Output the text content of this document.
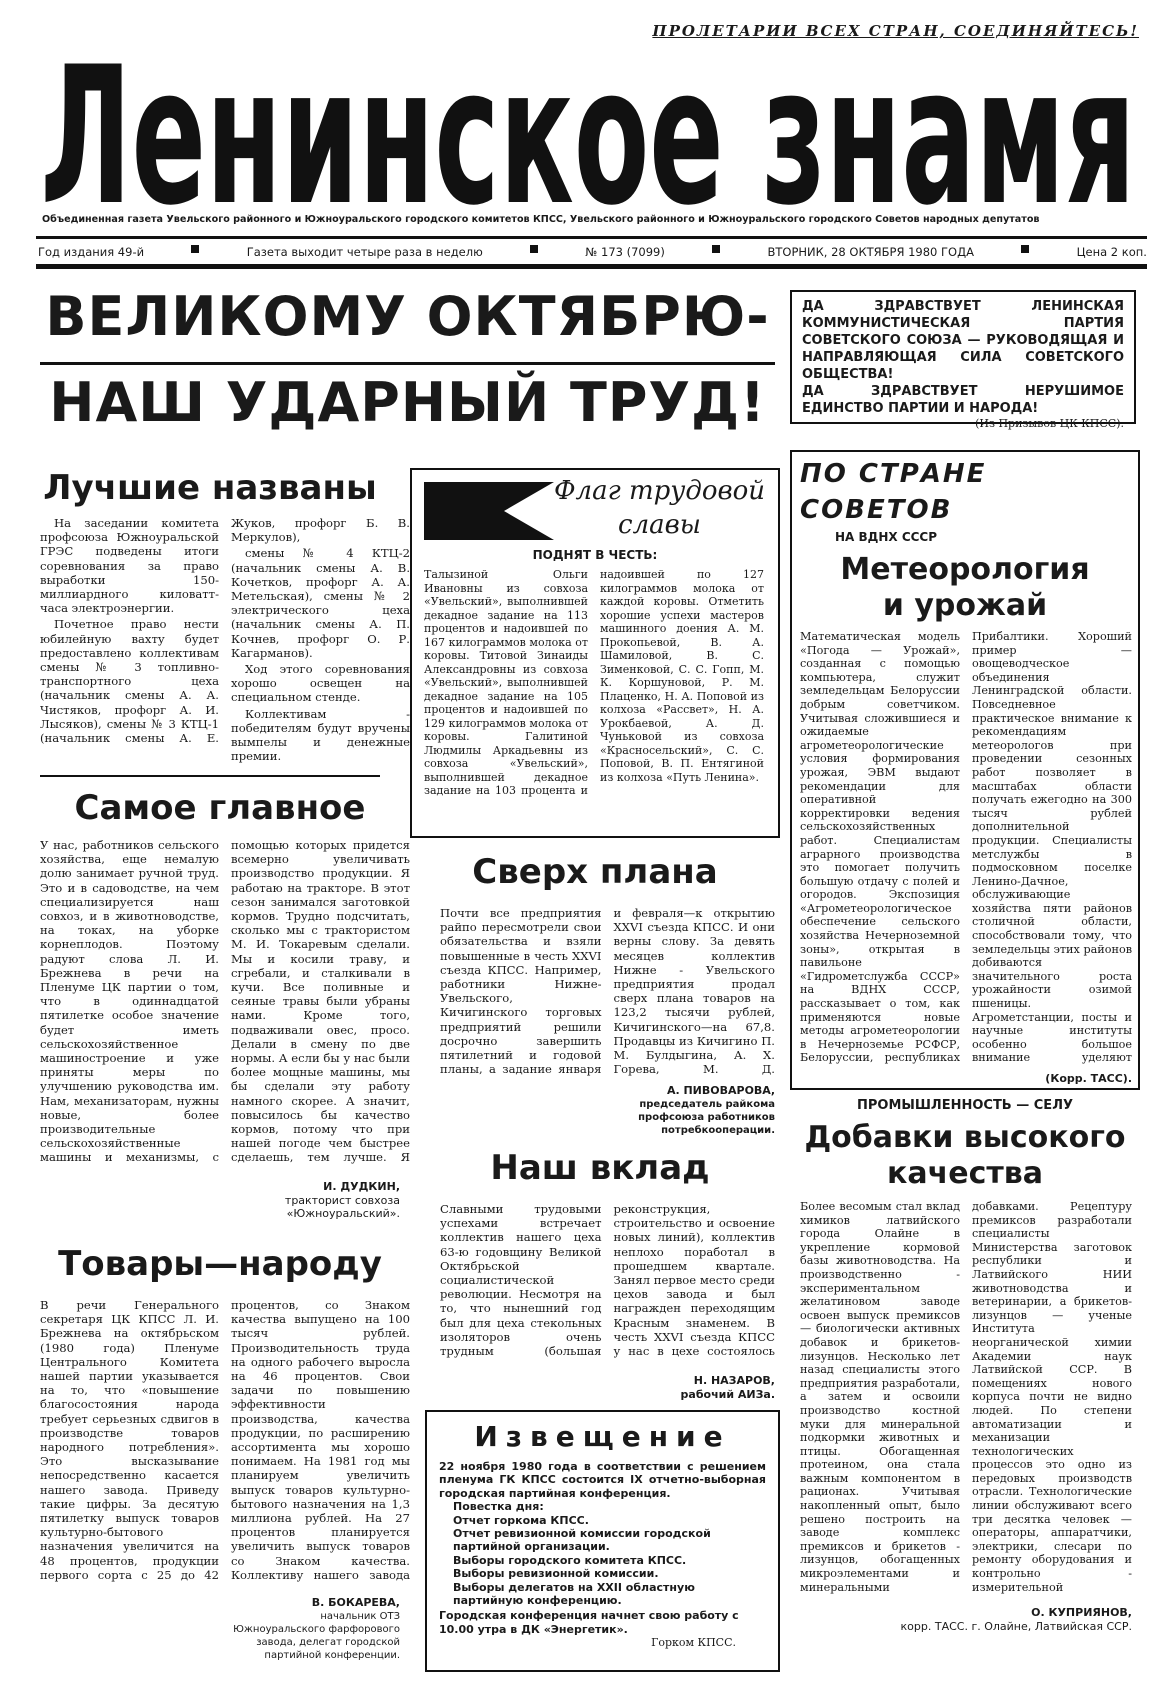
ПРОЛЕТАРИИ ВСЕХ СТРАН, СОЕДИНЯЙТЕСЬ!
Ленинское знамя
Объединенная газета Увельского районного и Южноуральского городского комитетов КПСС, Увельского районного и Южноуральского городского Советов народных депутатов
Год издания 49-й	Газета выходит четыре раза в неделю	№ 173 (7099)	ВТОРНИК, 28 ОКТЯБРЯ 1980 ГОДА	Цена 2 коп.
ВЕЛИКОМУ ОКТЯБРЮ-
НАШ УДАРНЫЙ ТРУД!
ДА ЗДРАВСТВУЕТ ЛЕНИНСКАЯ КОММУНИСТИЧЕСКАЯ ПАРТИЯ СОВЕТСКОГО СОЮЗА — РУКОВОДЯЩАЯ И НАПРАВЛЯЮЩАЯ СИЛА СОВЕТСКОГО ОБЩЕСТВА!
ДА ЗДРАВСТВУЕТ НЕРУШИМОЕ ЕДИНСТВО ПАРТИИ И НАРОДА!
(Из Призывов ЦК КПСС).
Лучшие названы

На заседании комитета профсоюза Южноуральской ГРЭС подведены итоги соревнования за право выработки 150-миллиардного киловатт-часа электроэнергии.

Почетное право нести юбилейную вахту будет предоставлено коллективам смены № 3 топливно-транспортного цеха (начальник смены А. А. Чистяков, профорг А. И. Лысяков), смены № 3 КТЦ-1 (начальник смены А. Е. Жуков, профорг Б. В. Меркулов),

смены № 4 КТЦ-2 (начальник смены А. В. Кочетков, профорг А. А. Метельская), смены № 2 электрического цеха (начальник смены А. П. Кочнев, профорг О. Р. Кагарманов).

Ход этого соревнования хорошо освещен на специальном стенде.

Коллективам - победителям будут вручены вымпелы и денежные премии.

Флаг трудовой славы
ПОДНЯТ В ЧЕСТЬ:
Талызиной Ольги Ивановны из совхоза «Увельский», выполнившей декадное задание на 113 процентов и надоившей по 167 килограммов молока от коровы. Титовой Зинаиды Александровны из совхоза «Увельский», выполнившей декадное задание на 105 процентов и надоившей по 129 килограммов молока от коровы. Галитиной Людмилы Аркадьевны из совхоза «Увельский», выполнившей декадное задание на 103 процента и надоившей по 127 килограммов молока от каждой коровы. Отметить хорошие успехи мастеров машинного доения А. М. Прокопьевой, В. А. Шамиловой, В. С. Зименковой, С. С. Гопп, М. К. Коршуновой, Р. М. Плаценко, Н. А. Поповой из колхоза «Рассвет», Н. А. Урокбаевой, А. Д. Чуньковой из совхоза «Красносельский», С. С. Поповой, В. П. Ентягиной из колхоза «Путь Ленина».
ПО СТРАНЕ СОВЕТОВ
НА ВДНХ СССР
Метеорология и урожай
Математическая модель «Погода — Урожай», созданная с помощью компьютера, служит земледельцам Белоруссии добрым советчиком. Учитывая сложившиеся и ожидаемые агрометеорологические условия формирования урожая, ЭВМ выдают рекомендации для оперативной корректировки ведения сельскохозяйственных работ. Специалистам аграрного производства это помогает получить большую отдачу с полей и огородов. Экспозиция «Агрометеорологическое обеспечение сельского хозяйства Нечерноземной зоны», открытая в павильоне «Гидрометслужба СССР» на ВДНХ СССР, рассказывает о том, как применяются новые методы агрометеорологии в Нечерноземье РСФСР, Белоруссии, республиках Прибалтики. Хороший пример — овощеводческое объединения Ленинградской области. Повседневное практическое внимание к рекомендациям метеорологов при проведении сезонных работ позволяет в масштабах области получать ежегодно на 300 тысяч рублей дополнительной продукции. Специалисты метслужбы в подмосковном поселке Ленино-Дачное, обслуживающие хозяйства пяти районов столичной области, способствовали тому, что земледельцы этих районов добиваются значительного роста урожайности озимой пшеницы. Агрометстанции, посты и научные институты особенно большое внимание уделяют
(Корр. ТАСС).
ПРОМЫШЛЕННОСТЬ — СЕЛУ
Добавки высокого качества
Более весомым стал вклад химиков латвийского города Олайне в укрепление кормовой базы животноводства. На производственно - экспериментальном желатиновом заводе освоен выпуск премиксов— биологически активных добавок и брикетов-лизунцов. Несколько лет назад специалисты этого предприятия разработали, а затем и освоили производство костной муки для минеральной подкормки животных и птицы. Обогащенная протеином, она стала важным компонентом в рационах. Учитывая накопленный опыт, было решено построить на заводе комплекс премиксов и брикетов - лизунцов, обогащенных микроэлементами и минеральными добавками. Рецептуру премиксов разработали специалисты Министерства заготовок республики и Латвийского НИИ животноводства и ветеринарии, а брикетов-лизунцов — ученые Института неорганической химии Академии наук Латвийской ССР. В помещениях нового корпуса почти не видно людей. По степени автоматизации и механизации технологических процессов это одно из передовых производств отрасли. Технологические линии обслуживают всего три десятка человек — операторы, аппаратчики, электрики, слесари по ремонту оборудования и контрольно - измерительной
О. КУПРИЯНОВ,
корр. ТАСС. г. Олайне, Латвийская ССР.
Самое главное
У нас, работников сельского хозяйства, еще немалую долю занимает ручной труд. Это и в садоводстве, на чем специализируется наш совхоз, и в животноводстве, на токах, на уборке корнеплодов. Поэтому радуют слова Л. И. Брежнева в речи на Пленуме ЦК партии о том, что в одиннадцатой пятилетке особое значение будет иметь сельскохозяйственное машиностроение и уже приняты меры по улучшению руководства им. Нам, механизаторам, нужны новые, более производительные сельскохозяйственные машины и механизмы, с помощью которых придется всемерно увеличивать производство продукции. Я работаю на тракторе. В этот сезон занимался заготовкой кормов. Трудно подсчитать, сколько мы с трактористом М. И. Токаревым сделали. Мы и косили траву, и сгребали, и сталкивали в кучи. Все поливные и сеяные травы были убраны нами. Кроме того, подваживали овес, просо. Делали в смену по две нормы. А если бы у нас были более мощные машины, мы бы сделали эту работу намного скорее. А значит, повысилось бы качество кормов, потому что при нашей погоде чем быстрее сделаешь, тем лучше. Я
И. ДУДКИН,
тракторист совхоза «Южноуральский».
Товары—народу
В речи Генерального секретаря ЦК КПСС Л. И. Брежнева на октябрьском (1980 года) Пленуме Центрального Комитета нашей партии указывается на то, что «повышение благосостояния народа требует серьезных сдвигов в производстве товаров народного потребления». Это высказывание непосредственно касается нашего завода. Приведу такие цифры. За десятую пятилетку выпуск товаров культурно-бытового назначения увеличится на 48 процентов, продукции первого сорта с 25 до 42 процентов, со Знаком качества выпущено на 100 тысяч рублей. Производительность труда на одного рабочего выросла на 46 процентов. Свои задачи по повышению эффективности производства, качества продукции, по расширению ассортимента мы хорошо понимаем. На 1981 год мы планируем увеличить выпуск товаров культурно-бытового назначения на 1,3 миллиона рублей. На 27 процентов планируется увеличить выпуск товаров со Знаком качества. Коллективу нашего завода
В. БОКАРЕВА,
начальник ОТЗ Южноуральского фарфорового завода, делегат городской партийной конференции.
Сверх плана
Почти все предприятия райпо пересмотрели свои обязательства и взяли повышенные в честь XXVI съезда КПСС. Например, работники Нижне-Увельского, Кичигинского торговых предприятий решили досрочно завершить пятилетний и годовой планы, а задание января и февраля—к открытию XXVI съезда КПСС. И они верны слову. За девять месяцев коллектив Нижне - Увельского предприятия продал сверх плана товаров на 123,2 тысячи рублей, Кичигинского—на 67,8. Продавцы из Кичигино П. М. Булдыгина, А. Х. Горева, М. Д.
А. ПИВОВАРОВА,
председатель райкома профсоюза работников потребкооперации.
Наш вклад
Славными трудовыми успехами встречает коллектив нашего цеха 63-ю годовщину Великой Октябрьской социалистической революции. Несмотря на то, что нынешний год был для цеха стекольных изоляторов очень трудным (большая реконструкция, строительство и освоение новых линий), коллектив неплохо поработал в прошедшем квартале. Занял первое место среди цехов завода и был награжден переходящим Красным знаменем. В честь XXVI съезда КПСС у нас в цехе состоялось
Н. НАЗАРОВ,
рабочий АИЗа.
Извещение
22 ноября 1980 года в соответствии с решением пленума ГК КПСС состоится IX отчетно-выборная городская партийная конференция.
Повестка дня:
Отчет горкома КПСС.
Отчет ревизионной комиссии городской партийной организации.
Выборы городского комитета КПСС.
Выборы ревизионной комиссии.
Выборы делегатов на XXII областную партийную конференцию.
Городская конференция начнет свою работу с 10.00 утра в ДК «Энергетик».
Горком КПСС.
